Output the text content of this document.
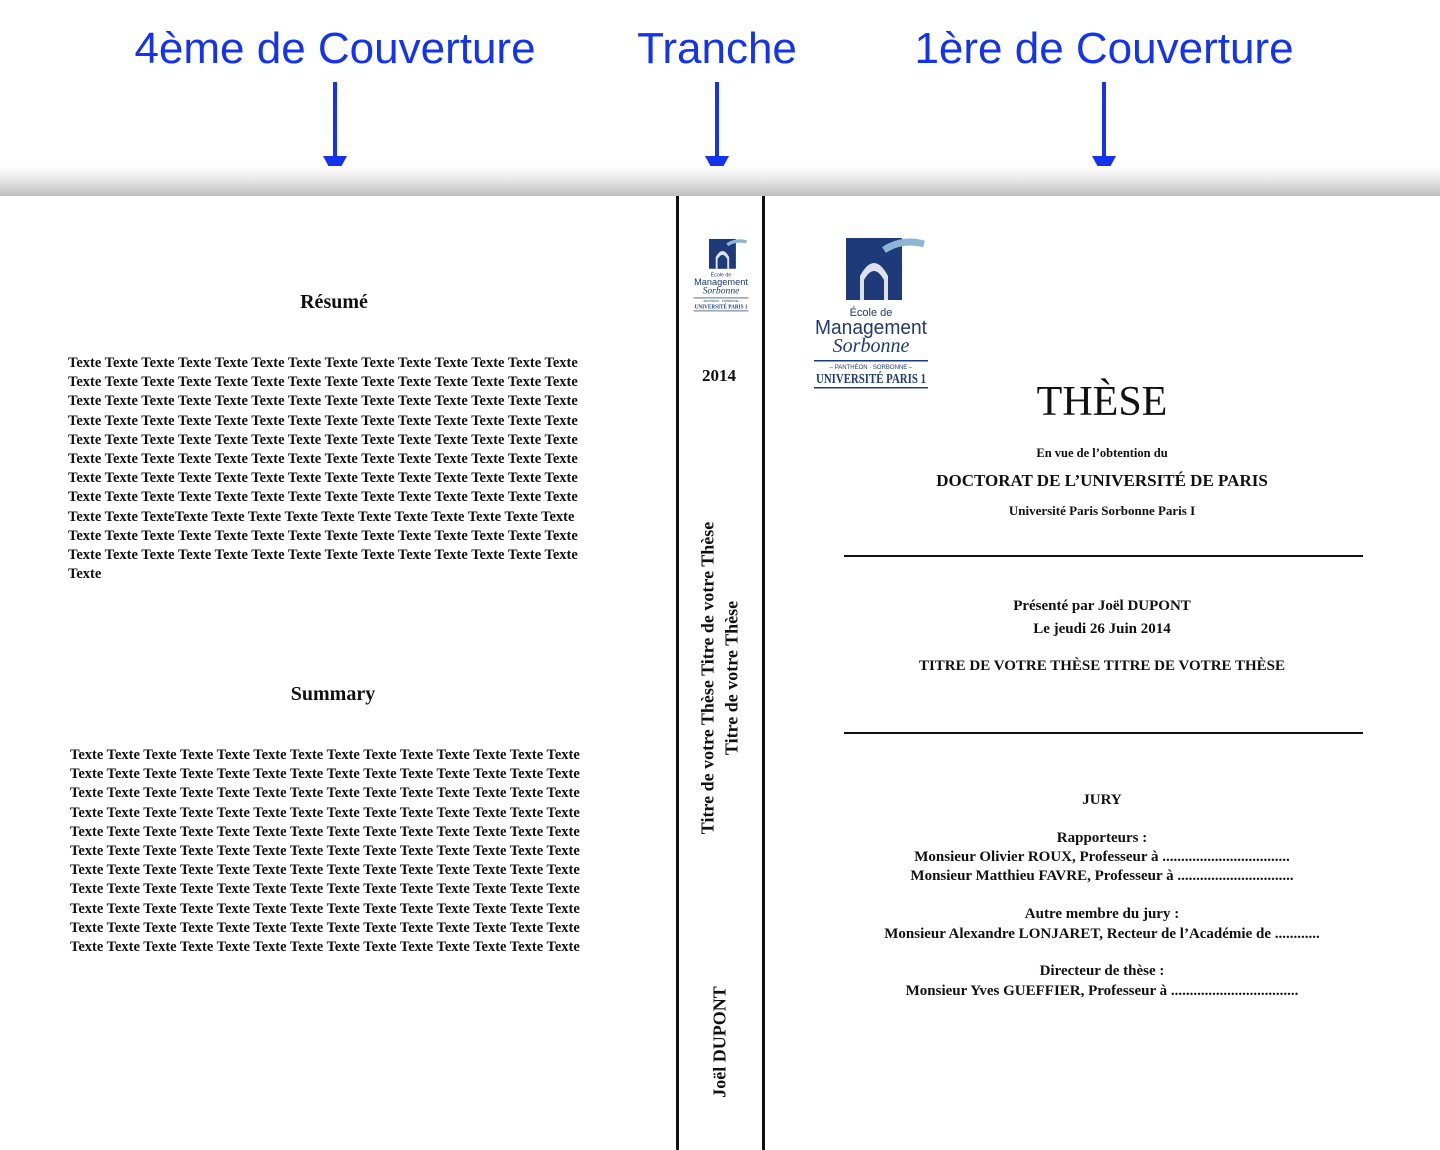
4ème de Couverture Tranche	1ère de Couverture
Résumé

Texte Texte Texte Texte Texte Texte Texte Texte Texte Texte Texte Texte Texte Texte Texte Texte Texte Texte Texte Texte Texte Texte Texte Texte Texte Texte Texte Texte Texte Texte Texte Texte Texte Texte Texte Texte Texte Texte Texte Texte Texte Texte Texte Texte Texte Texte Texte Texte Texte Texte Texte Texte Texte Texte Texte Texte Texte Texte Texte Texte Texte Texte Texte Texte Texte Texte Texte Texte Texte Texte Texte Texte Texte Texte Texte Texte Texte Texte Texte Texte Texte Texte Texte Texte Texte Texte Texte Texte Texte Texte Texte Texte Texte Texte Texte Texte Texte Texte Texte Texte Texte Texte Texte Texte Texte Texte Texte Texte Texte Texte Texte Texte Texte Texte TexteTexte Texte Texte Texte Texte Texte Texte Texte Texte Texte Texte Texte Texte Texte Texte Texte Texte Texte Texte Texte Texte Texte Texte Texte Texte Texte Texte Texte Texte Texte Texte Texte Texte Texte Texte Texte Texte Texte Texte Texte

Summary

Texte Texte Texte Texte Texte Texte Texte Texte Texte Texte Texte Texte Texte Texte Texte Texte Texte Texte Texte Texte Texte Texte Texte Texte Texte Texte Texte Texte Texte Texte Texte Texte Texte Texte Texte Texte Texte Texte Texte Texte Texte Texte Texte Texte Texte Texte Texte Texte Texte Texte Texte Texte Texte Texte Texte Texte Texte Texte Texte Texte Texte Texte Texte Texte Texte Texte Texte Texte Texte Texte Texte Texte Texte Texte Texte Texte Texte Texte Texte Texte Texte Texte Texte Texte Texte Texte Texte Texte Texte Texte Texte Texte Texte Texte Texte Texte Texte Texte Texte Texte Texte Texte Texte Texte Texte Texte Texte Texte Texte Texte Texte Texte Texte Texte Texte Texte Texte Texte Texte Texte Texte Texte Texte Texte Texte Texte Texte Texte Texte Texte Texte Texte Texte Texte Texte Texte Texte Texte Texte Texte Texte Texte Texte Texte Texte Texte Texte Texte Texte Texte Texte Texte Texte Texte

École de
Management
Sorbonne
– PANTHÉON · SORBONNE –
UNIVERSITÉ PARIS 1
2014
Titre de votre Thèse Titre de votre Thèse Titre de votre Thèse
Joël DUPONT
École de
Management
Sorbonne
– PANTHÉON · SORBONNE –
UNIVERSITÉ PARIS 1 THÈSE
En vue de l’obtention du
DOCTORAT DE L’UNIVERSITÉ DE PARIS
Université Paris Sorbonne Paris I
Présenté par Joël DUPONT
Le jeudi 26 Juin 2014
TITRE DE VOTRE THÈSE TITRE DE VOTRE THÈSE
JURY
Rapporteurs :
Monsieur Olivier ROUX, Professeur à ..................................
Monsieur Matthieu FAVRE, Professeur à ...............................
Autre membre du jury :
Monsieur Alexandre LONJARET, Recteur de l’Académie de ............
Directeur de thèse :
Monsieur Yves GUEFFIER, Professeur à ..................................
